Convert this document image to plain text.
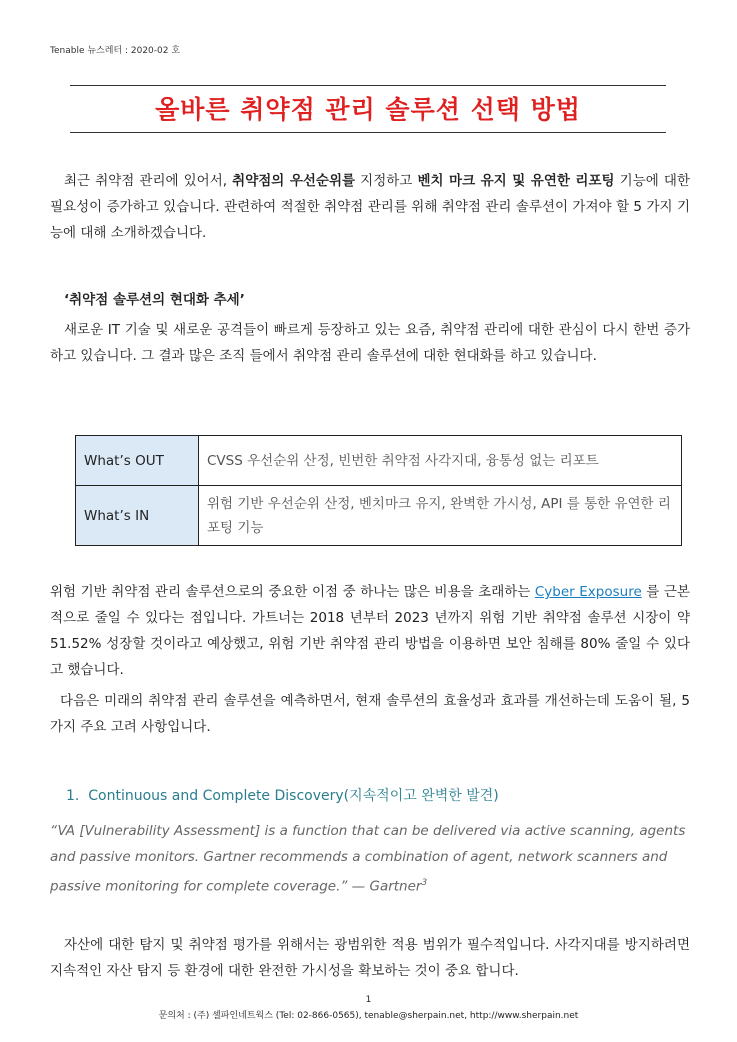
Tenable 뉴스레터 : 2020-02 호
올바른 취약점 관리 솔루션 선택 방법
최근 취약점 관리에 있어서, 취약점의 우선순위를 지정하고 벤치 마크 유지 및 유연한 리포팅 기능에 대한 필요성이 증가하고 있습니다. 관련하여 적절한 취약점 관리를 위해 취약점 관리 솔루션이 가져야 할 5 가지 기능에 대해 소개하겠습니다.
‘취약점 솔루션의 현대화 추세’
새로운 IT 기술 및 새로운 공격들이 빠르게 등장하고 있는 요즘, 취약점 관리에 대한 관심이 다시 한번 증가하고 있습니다. 그 결과 많은 조직 들에서 취약점 관리 솔루션에 대한 현대화를 하고 있습니다.
What’s OUT	CVSS 우선순위 산정, 빈번한 취약점 사각지대, 융통성 없는 리포트
What’s IN	위험 기반 우선순위 산정, 벤치마크 유지, 완벽한 가시성, API 를 통한 유연한 리포팅 기능
위험 기반 취약점 관리 솔루션으로의 중요한 이점 중 하나는 많은 비용을 초래하는 Cyber Exposure 를 근본적으로 줄일 수 있다는 점입니다. 가트너는 2018 년부터 2023 년까지 위험 기반 취약점 솔루션 시장이 약 51.52% 성장할 것이라고 예상했고, 위험 기반 취약점 관리 방법을 이용하면 보안 침해를 80% 줄일 수 있다고 했습니다.
다음은 미래의 취약점 관리 솔루션을 예측하면서, 현재 솔루션의 효율성과 효과를 개선하는데 도움이 될, 5 가지 주요 고려 사항입니다.
1. Continuous and Complete Discovery(지속적이고 완벽한 발견)
“VA [Vulnerability Assessment] is a function that can be delivered via active scanning, agents and passive monitors. Gartner recommends a combination of agent, network scanners and passive monitoring for complete coverage.” — Gartner$^3$
자산에 대한 탐지 및 취약점 평가를 위해서는 광범위한 적용 범위가 필수적입니다. 사각지대를 방지하려면 지속적인 자산 탐지 등 환경에 대한 완전한 가시성을 확보하는 것이 중요 합니다.
1
문의처 : (주) 셀파인네트웍스 (Tel: 02-866-0565), tenable@sherpain.net, http://www.sherpain.net
